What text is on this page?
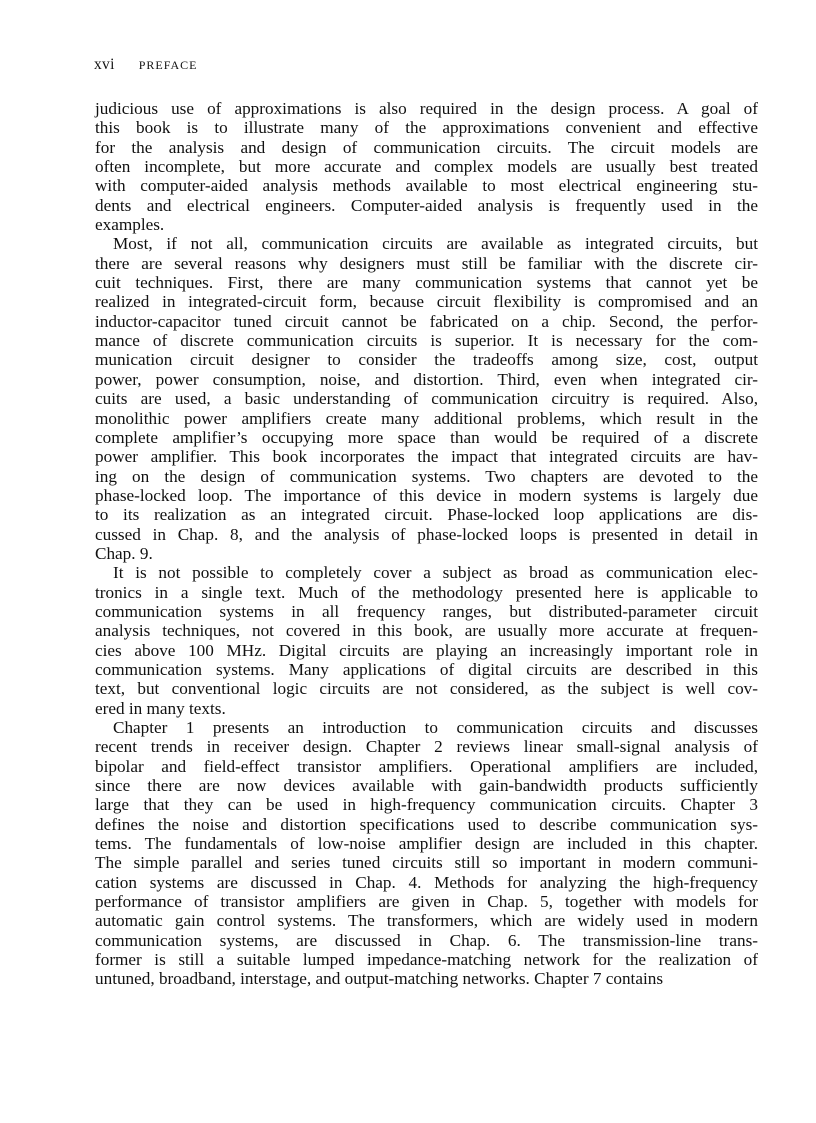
xvi PREFACE

judicious use of approximations is also required in the design process. A goal of
this book is to illustrate many of the approximations convenient and effective
for the analysis and design of communication circuits. The circuit models are
often incomplete, but more accurate and complex models are usually best treated
with computer-aided analysis methods available to most electrical engineering stu-
dents and electrical engineers. Computer-aided analysis is frequently used in the
examples.

Most, if not all, communication circuits are available as integrated circuits, but
there are several reasons why designers must still be familiar with the discrete cir-
cuit techniques. First, there are many communication systems that cannot yet be
realized in integrated-circuit form, because circuit flexibility is compromised and an
inductor-capacitor tuned circuit cannot be fabricated on a chip. Second, the perfor-
mance of discrete communication circuits is superior. It is necessary for the com-
munication circuit designer to consider the tradeoffs among size, cost, output
power, power consumption, noise, and distortion. Third, even when integrated cir-
cuits are used, a basic understanding of communication circuitry is required. Also,
monolithic power amplifiers create many additional problems, which result in the
complete amplifier’s occupying more space than would be required of a discrete
power amplifier. This book incorporates the impact that integrated circuits are hav-
ing on the design of communication systems. Two chapters are devoted to the
phase-locked loop. The importance of this device in modern systems is largely due
to its realization as an integrated circuit. Phase-locked loop applications are dis-
cussed in Chap. 8, and the analysis of phase-locked loops is presented in detail in
Chap. 9.

It is not possible to completely cover a subject as broad as communication elec-
tronics in a single text. Much of the methodology presented here is applicable to
communication systems in all frequency ranges, but distributed-parameter circuit
analysis techniques, not covered in this book, are usually more accurate at frequen-
cies above 100 MHz. Digital circuits are playing an increasingly important role in
communication systems. Many applications of digital circuits are described in this
text, but conventional logic circuits are not considered, as the subject is well cov-
ered in many texts.

Chapter 1 presents an introduction to communication circuits and discusses
recent trends in receiver design. Chapter 2 reviews linear small-signal analysis of
bipolar and field-effect transistor amplifiers. Operational amplifiers are included,
since there are now devices available with gain-bandwidth products sufficiently
large that they can be used in high-frequency communication circuits. Chapter 3
defines the noise and distortion specifications used to describe communication sys-
tems. The fundamentals of low-noise amplifier design are included in this chapter.
The simple parallel and series tuned circuits still so important in modern communi-
cation systems are discussed in Chap. 4. Methods for analyzing the high-frequency
performance of transistor amplifiers are given in Chap. 5, together with models for
automatic gain control systems. The transformers, which are widely used in modern
communication systems, are discussed in Chap. 6. The transmission-line trans-
former is still a suitable lumped impedance-matching network for the realization of
untuned, broadband, interstage, and output-matching networks. Chapter 7 contains
